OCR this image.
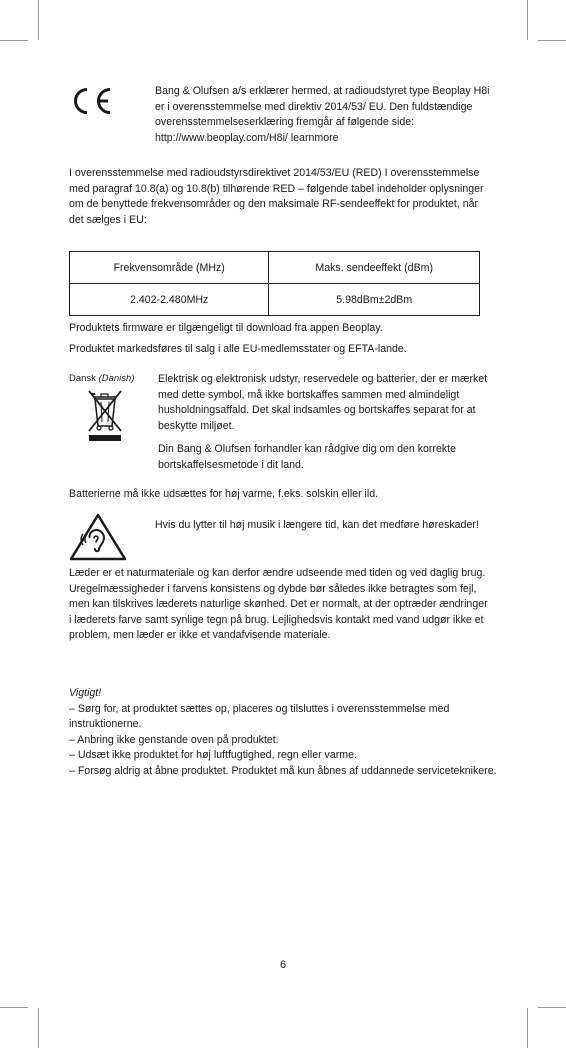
Bang & Olufsen a/s erklærer hermed, at radioudstyret type Beoplay H8i er i overensstemmelse med direktiv 2014/53/ EU. Den fuldstændige overensstemmelseserklæring fremgår af følgende side: http://www.beoplay.com/H8i/ learnmore

I overensstemmelse med radioudstyrsdirektivet 2014/53/EU (RED) I overensstemmelse med paragraf 10.8(a) og 10.8(b) tilhørende RED – følgende tabel indeholder oplysninger om de benyttede frekvensområder og den maksimale RF-sendeeffekt for produktet, når det sælges i EU:

Frekvensområde (MHz)	Maks. sendeeffekt (dBm)
2.402-2.480MHz	5.98dBm±2dBm

Produktets firmware er tilgængeligt til download fra appen Beoplay.

Produktet markedsføres til salg i alle EU-medlemsstater og EFTA-lande.

Dansk (Danish) Elektrisk og elektronisk udstyr, reservedele og batterier, der er mærket med dette symbol, må ikke bortskaffes sammen med almindeligt husholdningsaffald. Det skal indsamles og bortskaffes separat for at beskytte miljøet.

Din Bang & Olufsen forhandler kan rådgive dig om den korrekte bortskaffelsesmetode i dit land.

Batterierne må ikke udsættes for høj varme, f.eks. solskin eller ild.

Hvis du lytter til høj musik i længere tid, kan det medføre høreskader!

Læder er et naturmateriale og kan derfor ændre udseende med tiden og ved daglig brug. Uregelmæssigheder i farvens konsistens og dybde bør således ikke betragtes som fejl, men kan tilskrives læderets naturlige skønhed. Det er normalt, at der optræder ændringer i læderets farve samt synlige tegn på brug. Lejlighedsvis kontakt med vand udgør ikke et problem, men læder er ikke et vandafvisende materiale.

Vigtigt!
– Sørg for, at produktet sættes op, placeres og tilsluttes i overensstemmelse med instruktionerne.
– Anbring ikke genstande oven på produktet.
– Udsæt ikke produktet for høj luftfugtighed, regn eller varme.
– Forsøg aldrig at åbne produktet. Produktet må kun åbnes af uddannede serviceteknikere.
6
